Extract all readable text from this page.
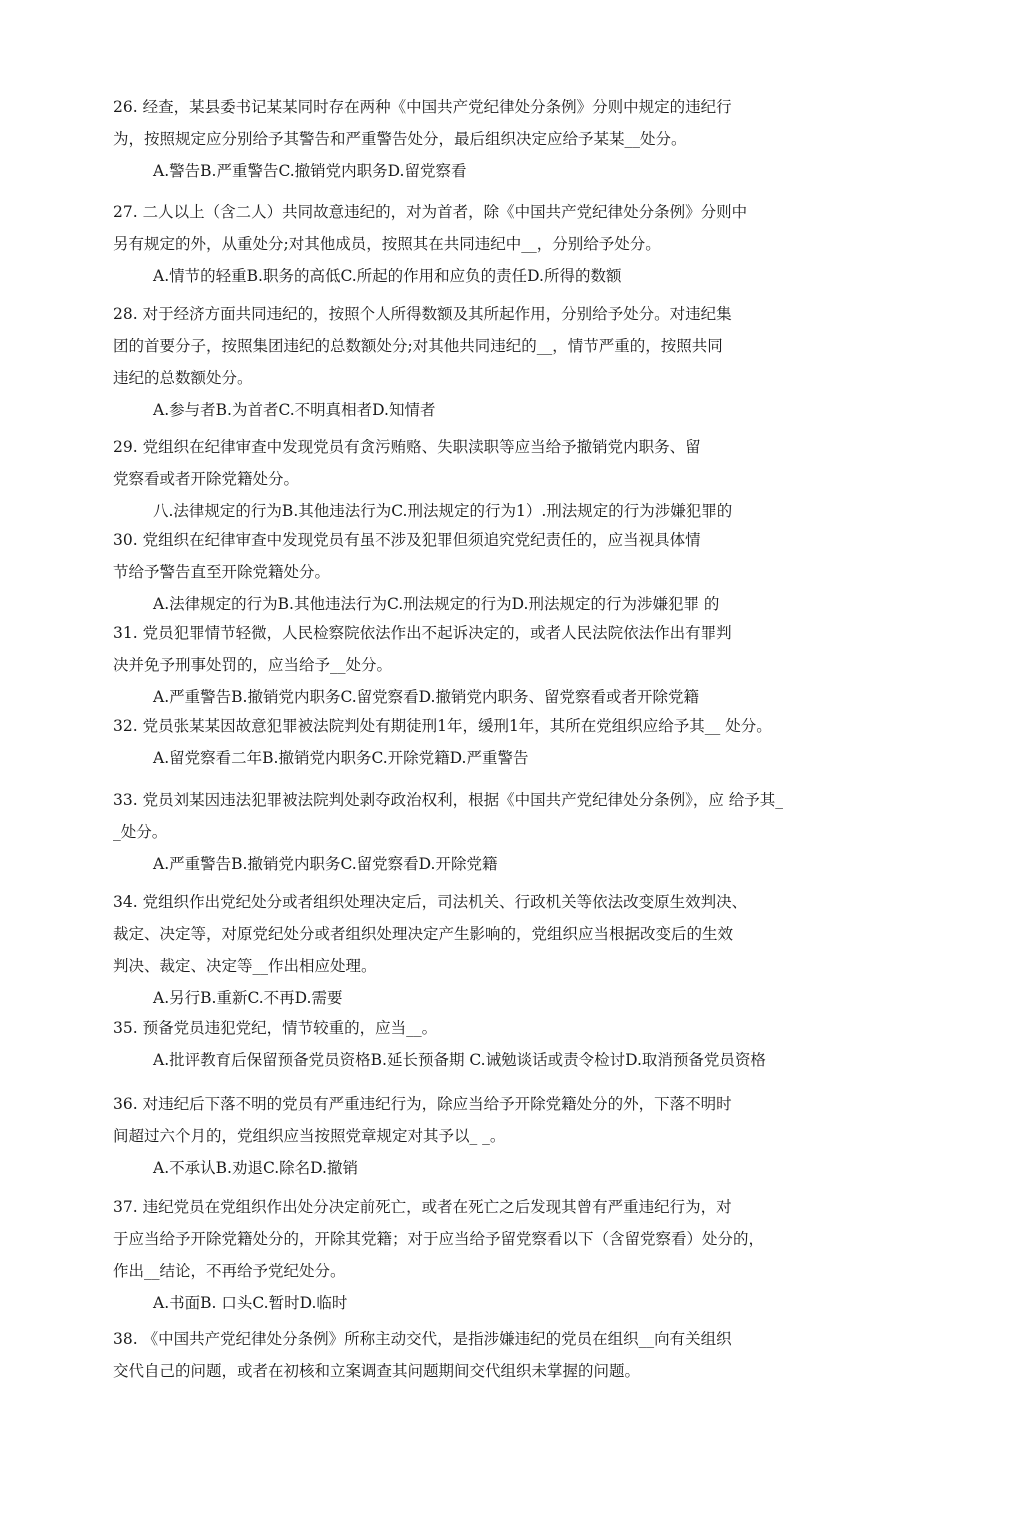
26. 经查，某县委书记某某同时存在两种《中国共产党纪律处分条例》分则中规定的违纪行

为，按照规定应分别给予其警告和严重警告处分，最后组织决定应给予某某__处分。

A.警告B.严重警告C.撤销党内职务D.留党察看

27. 二人以上（含二人）共同故意违纪的，对为首者，除《中国共产党纪律处分条例》分则中

另有规定的外，从重处分;对其他成员，按照其在共同违纪中__，分别给予处分。

A.情节的轻重B.职务的高低C.所起的作用和应负的责任D.所得的数额

28. 对于经济方面共同违纪的，按照个人所得数额及其所起作用，分别给予处分。对违纪集

团的首要分子，按照集团违纪的总数额处分;对其他共同违纪的__，情节严重的，按照共同

违纪的总数额处分。

A.参与者B.为首者C.不明真相者D.知情者

29. 党组织在纪律审查中发现党员有贪污贿赂、失职渎职等应当给予撤销党内职务、留

党察看或者开除党籍处分。

八.法律规定的行为B.其他违法行为C.刑法规定的行为1）.刑法规定的行为涉嫌犯罪的

30. 党组织在纪律审查中发现党员有虽不涉及犯罪但须追究党纪责任的，应当视具体情

节给予警告直至开除党籍处分。

A.法律规定的行为B.其他违法行为C.刑法规定的行为D.刑法规定的行为涉嫌犯罪 的

31. 党员犯罪情节轻微，人民检察院依法作出不起诉决定的，或者人民法院依法作出有罪判

决并免予刑事处罚的，应当给予__处分。

A.严重警告B.撤销党内职务C.留党察看D.撤销党内职务、留党察看或者开除党籍

32. 党员张某某因故意犯罪被法院判处有期徒刑1年，缓刑1年，其所在党组织应给予其__ 处分。

A.留党察看二年B.撤销党内职务C.开除党籍D.严重警告

33. 党员刘某因违法犯罪被法院判处剥夺政治权利，根据《中国共产党纪律处分条例》，应 给予其_

_处分。

A.严重警告B.撤销党内职务C.留党察看D.开除党籍

34. 党组织作出党纪处分或者组织处理决定后，司法机关、行政机关等依法改变原生效判决、

裁定、决定等，对原党纪处分或者组织处理决定产生影响的，党组织应当根据改变后的生效

判决、裁定、决定等__作出相应处理。

A.另行B.重新C.不再D.需要

35. 预备党员违犯党纪，情节较重的，应当__。

A.批评教育后保留预备党员资格B.延长预备期 C.诫勉谈话或责令检讨D.取消预备党员资格

36. 对违纪后下落不明的党员有严重违纪行为，除应当给予开除党籍处分的外，下落不明时

间超过六个月的，党组织应当按照党章规定对其予以_ _。

A.不承认B.劝退C.除名D.撤销

37. 违纪党员在党组织作出处分决定前死亡，或者在死亡之后发现其曾有严重违纪行为，对

于应当给予开除党籍处分的，开除其党籍；对于应当给予留党察看以下（含留党察看）处分的，

作出__结论，不再给予党纪处分。

A.书面B. 口头C.暂时D.临时

38. 《中国共产党纪律处分条例》所称主动交代，是指涉嫌违纪的党员在组织__向有关组织

交代自己的问题，或者在初核和立案调查其问题期间交代组织未掌握的问题。
